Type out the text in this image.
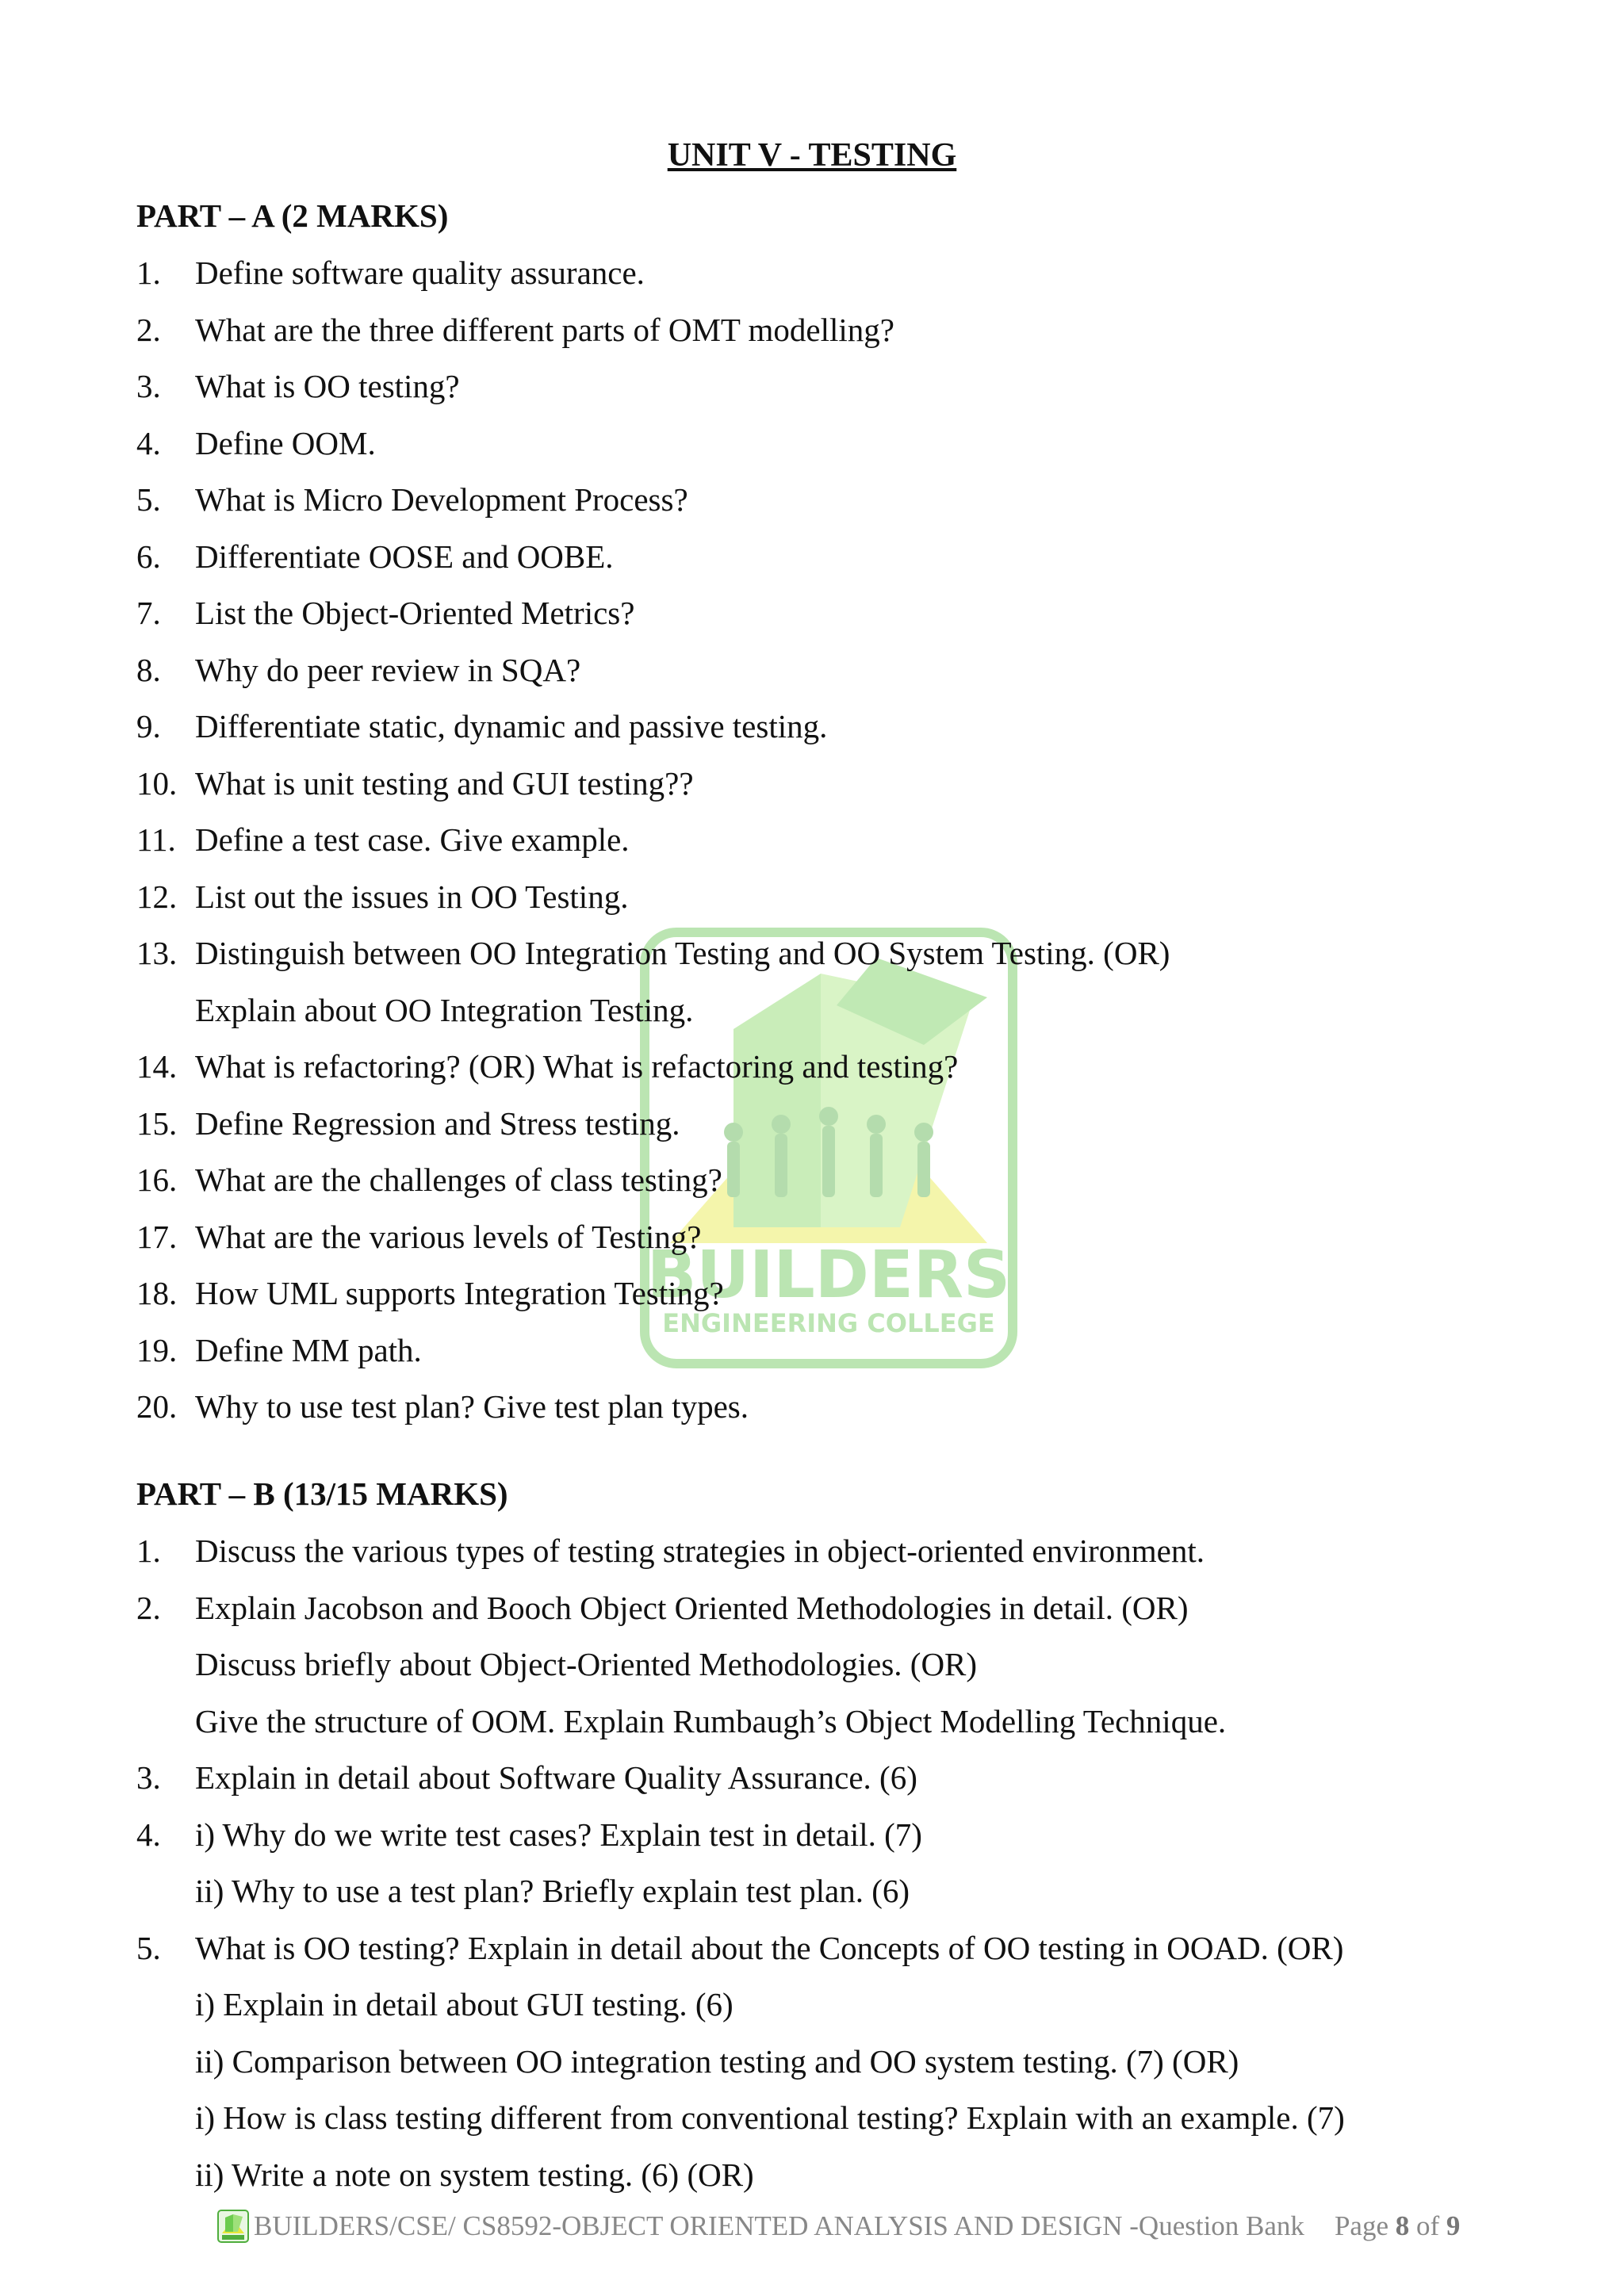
BUILDERS
ENGINEERING COLLEGE
UNIT V - TESTING
PART – A (2 MARKS)
1.	Define software quality assurance.
2.	What are the three different parts of OMT modelling?
3.	What is OO testing?
4.	Define OOM.
5.	What is Micro Development Process?
6.	Differentiate OOSE and OOBE.
7.	List the Object-Oriented Metrics?
8.	Why do peer review in SQA?
9.	Differentiate static, dynamic and passive testing.
10. What is unit testing and GUI testing??
11. Define a test case. Give example.
12. List out the issues in OO Testing.
13. Distinguish between OO Integration Testing and OO System Testing. (OR)
Explain about OO Integration Testing.
14. What is refactoring? (OR) What is refactoring and testing?
15. Define Regression and Stress testing.
16. What are the challenges of class testing?
17. What are the various levels of Testing?
18. How UML supports Integration Testing?
19. Define MM path.
20. Why to use test plan? Give test plan types.
PART – B (13/15 MARKS)
1.	Discuss the various types of testing strategies in object-oriented environment.
2.	Explain Jacobson and Booch Object Oriented Methodologies in detail. (OR)
Discuss briefly about Object-Oriented Methodologies. (OR)
Give the structure of OOM. Explain Rumbaugh’s Object Modelling Technique.
3.	Explain in detail about Software Quality Assurance. (6)
4.	i) Why do we write test cases? Explain test in detail. (7)
ii) Why to use a test plan? Briefly explain test plan. (6)
5.	What is OO testing? Explain in detail about the Concepts of OO testing in OOAD. (OR)
i) Explain in detail about GUI testing. (6)
ii) Comparison between OO integration testing and OO system testing. (7) (OR)
i) How is class testing different from conventional testing? Explain with an example. (7)
ii) Write a note on system testing. (6) (OR)
BUILDERS/CSE/ CS8592-OBJECT ORIENTED ANALYSIS AND DESIGN -Question Bank Page
8
of
9
